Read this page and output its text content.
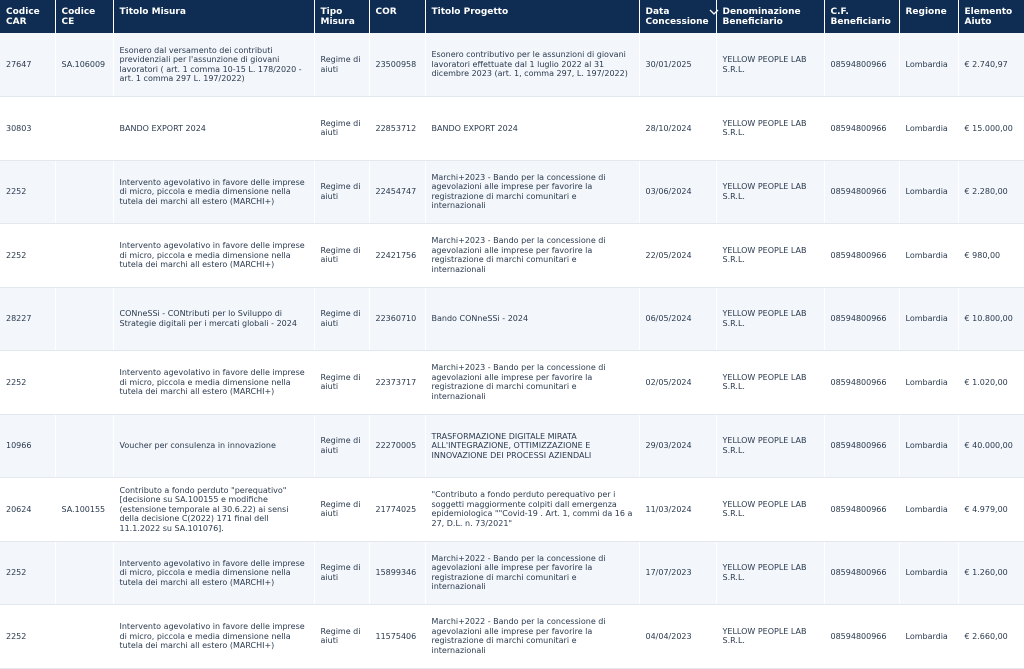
Codice CAR	Codice CE	Titolo Misura	Tipo Misura	COR	Titolo Progetto	Data Concessione	Denominazione Beneficiario	C.F. Beneficiario	Regione	Elemento Aiuto

27647	SA.106009	Esonero dal versamento dei contributi previdenziali per l'assunzione di giovani lavoratori ( art. 1 comma 10-15 L. 178/2020 - art. 1 comma 297 L. 197/2022)	Regime di aiuti	23500958	Esonero contributivo per le assunzioni di giovani lavoratori effettuate dal 1 luglio 2022 al 31 dicembre 2023 (art. 1, comma 297, L. 197/2022)	30/01/2025	YELLOW PEOPLE LAB S.R.L.	08594800966	Lombardia	€ 2.740,97

30803		BANDO EXPORT 2024	Regime di aiuti	22853712	BANDO EXPORT 2024	28/10/2024	YELLOW PEOPLE LAB S.R.L.	08594800966	Lombardia	€ 15.000,00

2252		Intervento agevolativo in favore delle imprese di micro, piccola e media dimensione nella tutela dei marchi all estero (MARCHI+)	Regime di aiuti	22454747	Marchi+2023 - Bando per la concessione di agevolazioni alle imprese per favorire la registrazione di marchi comunitari e internazionali	03/06/2024	YELLOW PEOPLE LAB S.R.L.	08594800966	Lombardia	€ 2.280,00

2252		Intervento agevolativo in favore delle imprese di micro, piccola e media dimensione nella tutela dei marchi all estero (MARCHI+)	Regime di aiuti	22421756	Marchi+2023 - Bando per la concessione di agevolazioni alle imprese per favorire la registrazione di marchi comunitari e internazionali	22/05/2024	YELLOW PEOPLE LAB S.R.L.	08594800966	Lombardia	€ 980,00

28227		CONneSSi - CONtributi per lo Sviluppo di Strategie digitali per i mercati globali - 2024	Regime di aiuti	22360710	Bando CONneSSi - 2024	06/05/2024	YELLOW PEOPLE LAB S.R.L.	08594800966	Lombardia	€ 10.800,00

2252		Intervento agevolativo in favore delle imprese di micro, piccola e media dimensione nella tutela dei marchi all estero (MARCHI+)	Regime di aiuti	22373717	Marchi+2023 - Bando per la concessione di agevolazioni alle imprese per favorire la registrazione di marchi comunitari e internazionali	02/05/2024	YELLOW PEOPLE LAB S.R.L.	08594800966	Lombardia	€ 1.020,00

10966		Voucher per consulenza in innovazione	Regime di aiuti	22270005	TRASFORMAZIONE DIGITALE MIRATA ALL'INTEGRAZIONE, OTTIMIZZAZIONE E INNOVAZIONE DEI PROCESSI AZIENDALI	29/03/2024	YELLOW PEOPLE LAB S.R.L.	08594800966	Lombardia	€ 40.000,00

20624	SA.100155	Contributo a fondo perduto "perequativo" [decisione su SA.100155 e modifiche (estensione temporale al 30.6.22) ai sensi della decisione C(2022) 171 final dell 11.1.2022 su SA.101076].	Regime di aiuti	21774025	"Contributo a fondo perduto perequativo per i soggetti maggiormente colpiti dall emergenza epidemiologica ""Covid-19 . Art. 1, commi da 16 a 27, D.L. n. 73/2021"	11/03/2024	YELLOW PEOPLE LAB S.R.L.	08594800966	Lombardia	€ 4.979,00

2252		Intervento agevolativo in favore delle imprese di micro, piccola e media dimensione nella tutela dei marchi all estero (MARCHI+)	Regime di aiuti	15899346	Marchi+2022 - Bando per la concessione di agevolazioni alle imprese per favorire la registrazione di marchi comunitari e internazionali	17/07/2023	YELLOW PEOPLE LAB S.R.L.	08594800966	Lombardia	€ 1.260,00

2252		Intervento agevolativo in favore delle imprese di micro, piccola e media dimensione nella tutela dei marchi all estero (MARCHI+)	Regime di aiuti	11575406	Marchi+2022 - Bando per la concessione di agevolazioni alle imprese per favorire la registrazione di marchi comunitari e internazionali	04/04/2023	YELLOW PEOPLE LAB S.R.L.	08594800966	Lombardia	€ 2.660,00
